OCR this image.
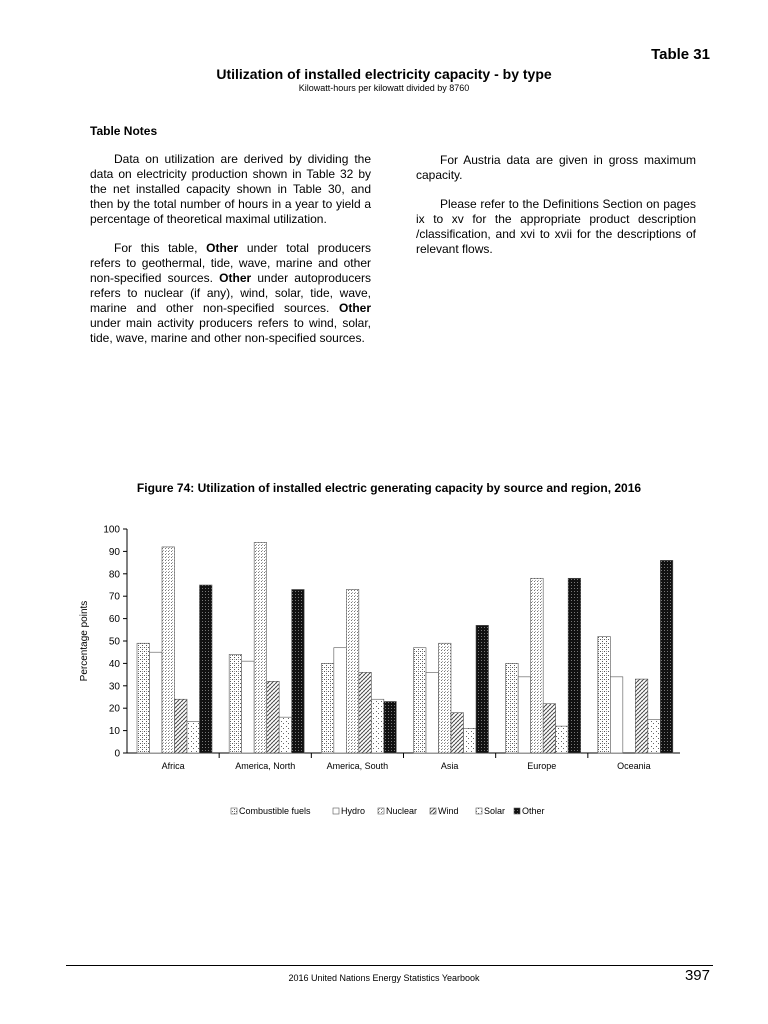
Table 31
Utilization of installed electricity capacity - by type
Kilowatt-hours per kilowatt divided by 8760
Table Notes

Data on utilization are derived by dividing the data on electricity production shown in Table 32 by the net installed capacity shown in Table 30, and then by the total number of hours in a year to yield a percentage of theoretical maximal utilization.

For this table, Other under total producers refers to geothermal, tide, wave, marine and other non-specified sources. Other under autoproducers refers to nuclear (if any), wind, solar, tide, wave, marine and other non-specified sources. Other under main activity producers refers to wind, solar, tide, wave, marine and other non-specified sources.

For Austria data are given in gross maximum capacity.

Please refer to the Definitions Section on pages ix to xv for the appropriate product description /classification, and xvi to xvii for the descriptions of relevant flows.

Figure 74: Utilization of installed electric generating capacity by source and region, 2016
0
10
20
30
40
50
60
70
80
90
100
Percentage points
Africa	America, North	America, South	Asia	Europe	Oceania
Combustible fuels	Hydro Nuclear Wind	Solar Other
2016 United Nations Energy Statistics Yearbook	397
